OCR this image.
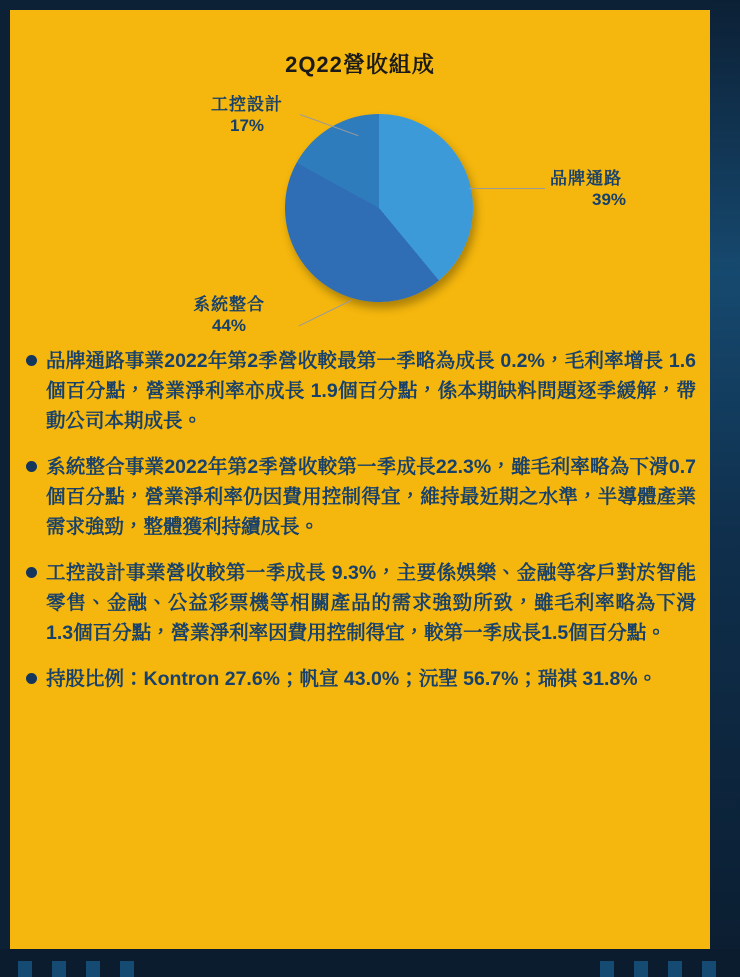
2Q22營收組成
品牌通路
39%
系統整合
44%
工控設計
17%
品牌通路事業2022年第2季營收較最第一季略為成長 0.2%，毛利率增長 1.6個百分點，營業淨利率亦成長 1.9個百分點，係本期缺料問題逐季緩解，帶動公司本期成長。
系統整合事業2022年第2季營收較第一季成長22.3%，雖毛利率略為下滑0.7個百分點，營業淨利率仍因費用控制得宜，維持最近期之水準，半導體產業需求強勁，整體獲利持續成長。
工控設計事業營收較第一季成長 9.3%，主要係娛樂、金融等客戶對於智能零售、金融、公益彩票機等相關產品的需求強勁所致，雖毛利率略為下滑1.3個百分點，營業淨利率因費用控制得宜，較第一季成長1.5個百分點。
持股比例：Kontron 27.6%；帆宣 43.0%；沅聖 56.7%；瑞祺 31.8%。
